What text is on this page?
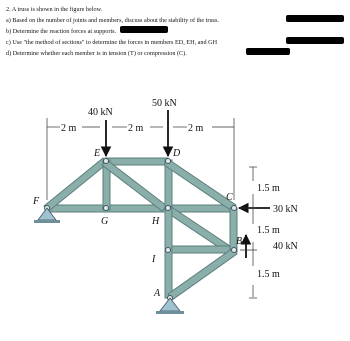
2. A truss is shown in the figure below.
a) Based on the number of joints and members, discuss about the stability of the truss.
b) Determine the reaction forces at supports.
c) Use "the method of sections" to determine the forces in members ED, EH, and GH
d) Determine whether each member is in tension (T) or compression (C).
40 kN
50 kN
30 kN
40 kN
2 m	2 m	2 m
1.5 m
1.5 m
1.5 m
F
E	D
G	H
C
B
I
A
